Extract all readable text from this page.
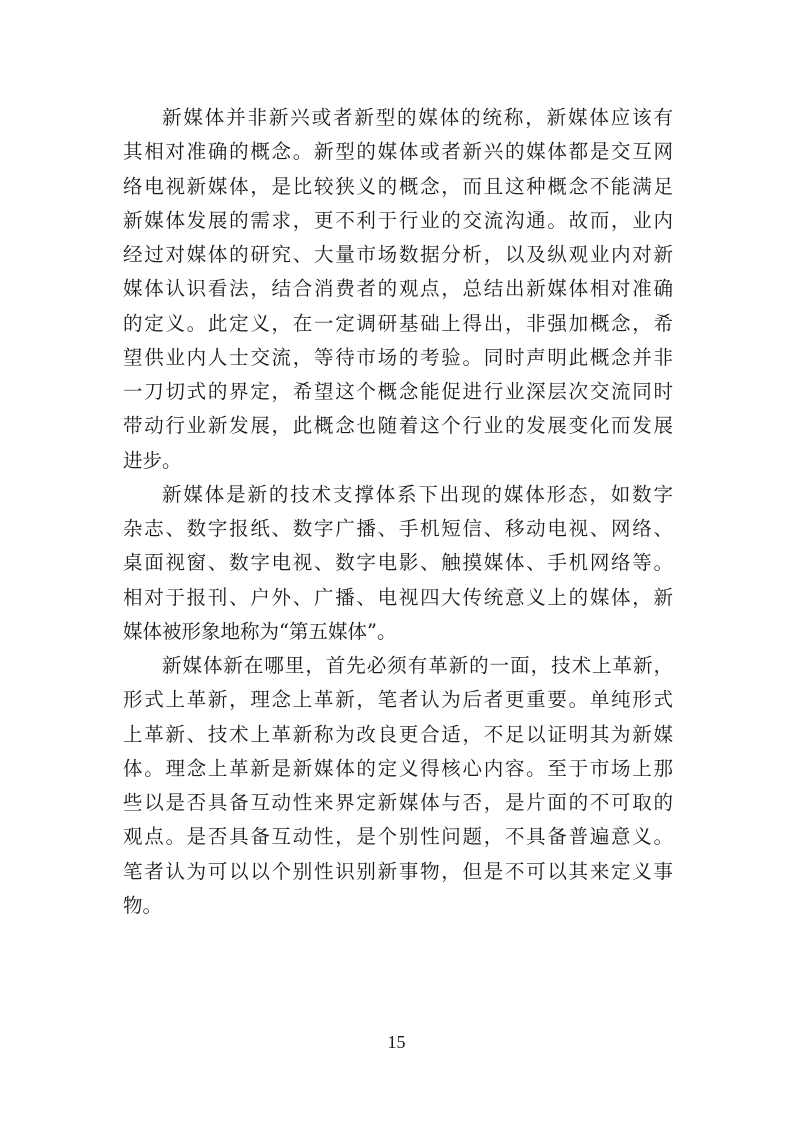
新媒体并非新兴或者新型的媒体的统称，新媒体应该有
其相对准确的概念。新型的媒体或者新兴的媒体都是交互网
络电视新媒体，是比较狭义的概念，而且这种概念不能满足
新媒体发展的需求，更不利于行业的交流沟通。故而，业内
经过对媒体的研究、大量市场数据分析，以及纵观业内对新
媒体认识看法，结合消费者的观点，总结出新媒体相对准确
的定义。此定义，在一定调研基础上得出，非强加概念，希
望供业内人士交流，等待市场的考验。同时声明此概念并非
一刀切式的界定，希望这个概念能促进行业深层次交流同时
带动行业新发展，此概念也随着这个行业的发展变化而发展
进步。
新媒体是新的技术支撑体系下出现的媒体形态，如数字
杂志、数字报纸、数字广播、手机短信、移动电视、网络、
桌面视窗、数字电视、数字电影、触摸媒体、手机网络等。
相对于报刊、户外、广播、电视四大传统意义上的媒体，新
媒体被形象地称为“第五媒体”。
新媒体新在哪里，首先必须有革新的一面，技术上革新，
形式上革新，理念上革新，笔者认为后者更重要。单纯形式
上革新、技术上革新称为改良更合适，不足以证明其为新媒
体。理念上革新是新媒体的定义得核心内容。至于市场上那
些以是否具备互动性来界定新媒体与否，是片面的不可取的
观点。是否具备互动性，是个别性问题，不具备普遍意义。
笔者认为可以以个别性识别新事物，但是不可以其来定义事
物。
15
